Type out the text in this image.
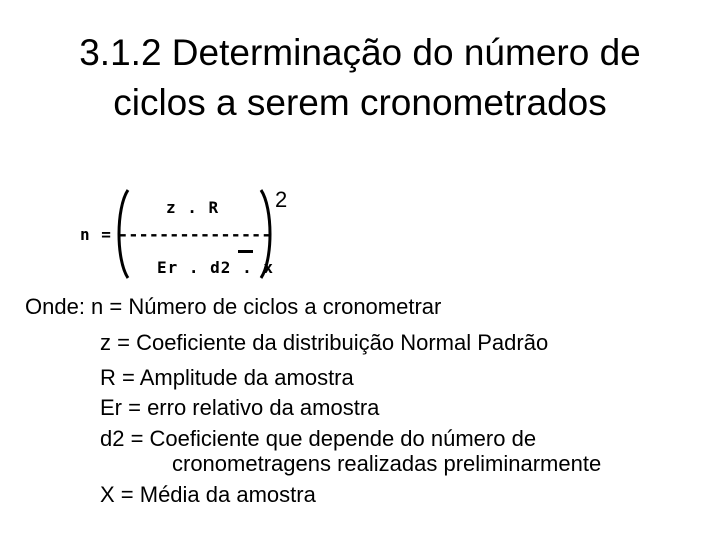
3.1.2 Determinação do número de
ciclos a serem cronometrados
z . R
n = ---------------
Er . d2 . x
2
Onde: n = Número de ciclos a cronometrar
z = Coeficiente da distribuição Normal Padrão
R = Amplitude da amostra
Er = erro relativo da amostra
d2 = Coeficiente que depende do número de
cronometragens realizadas preliminarmente
X = Média da amostra
